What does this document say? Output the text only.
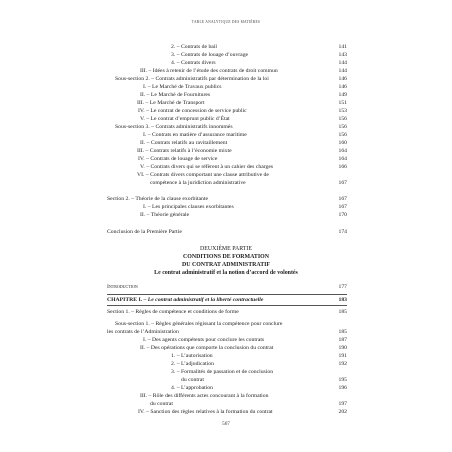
TABLE ANALYTIQUE DES MATIÈRES
2. – Contrats de bail	141
3. – Contrats de louage d’ouvrage	143
4. – Contrats divers	144
III. – Idées à retenir de l’étude des contrats de droit commun	144
Sous-section 2. – Contrats administratifs par détermination de la loi	146
I. – Le Marché de Travaux publics	146
II. – Le Marché de Fournitures	149
III. – Le Marché de Transport	151
IV. – Le contrat de concession de service public	153
V. – Le contrat d’emprunt public d’État	156
Sous-section 3. – Contrats administratifs innommés	156
I. – Contrats en matière d’assurance maritime	156
II. – Contrats relatifs au ravitaillement	160
III. – Contrats relatifs à l’économie mixte	164
IV. – Contrats de louage de service	164
V. – Contrats divers qui se réfèrent à un cahier des charges	166
VI. – Contrats divers comportant une clause attributive de
compétence à la juridiction administrative	167
Section 2. – Théorie de la clause exorbitante	167
I. – Les principales clauses exorbitantes	167
II. – Théorie générale	170
Conclusion de la Première Partie	174
DEUXIÈME PARTIE
CONDITIONS DE FORMATION
DU CONTRAT ADMINISTRATIF
Le contrat administratif et la notion d’accord de volontés
Introduction	177
CHAPITRE I. – Le contrat administratif et la liberté contractuelle	183
Section 1. – Règles de compétence et conditions de forme	185
Sous-section 1. – Règles générales régissant la compétence pour conclure
les contrats de l’Administration	185
I. – Des agents compétents pour conclure les contrats	187
II. – Des opérations que comporte la conclusion du contrat	190
1. – L’autorisation	191
2. – L’adjudication	192
3. – Formalités de passation et de conclusion
du contrat	195
4. – L’approbation	196
III. – Rôle des différents actes concourant à la formation
du contrat	197
IV. – Sanction des règles relatives à la formation du contrat	202
567
